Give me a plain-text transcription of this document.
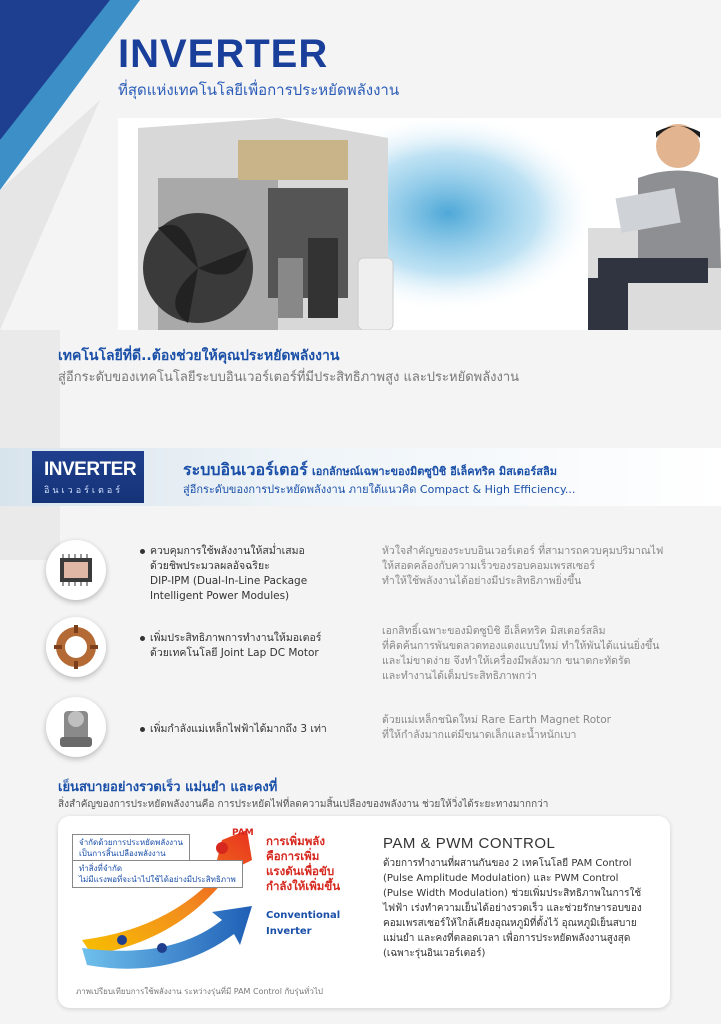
INVERTER
ที่สุดแห่งเทคโนโลยีเพื่อการประหยัดพลังงาน
เทคโนโลยีที่ดี..ต้องช่วยให้คุณประหยัดพลังงาน
สู่อีกระดับของเทคโนโลยีระบบอินเวอร์เตอร์ที่มีประสิทธิภาพสูง และประหยัดพลังงาน
INVERTER
อินเวอร์เตอร์
ระบบอินเวอร์เตอร์ เอกลักษณ์เฉพาะของมิตซูบิชิ อีเล็คทริค มิสเตอร์สลิม
สู่อีกระดับของการประหยัดพลังงาน ภายใต้แนวคิด Compact & High Efficiency...
ควบคุมการใช้พลังงานให้สม่ำเสมอ
ด้วยชิพประมวลผลอัจฉริยะ
DIP-IPM (Dual-In-Line Package
Intelligent Power Modules)
หัวใจสำคัญของระบบอินเวอร์เตอร์ ที่สามารถควบคุมปริมาณไฟ
ให้สอดคล้องกับความเร็วของรอบคอมเพรสเซอร์
ทำให้ใช้พลังงานได้อย่างมีประสิทธิภาพยิ่งขึ้น
เพิ่มประสิทธิภาพการทำงานให้มอเตอร์
ด้วยเทคโนโลยี Joint Lap DC Motor
เอกสิทธิ์เฉพาะของมิตซูบิชิ อีเล็คทริค มิสเตอร์สลิม
ที่คิดค้นการพันขดลวดทองแดงแบบใหม่ ทำให้พันได้แน่นยิ่งขึ้น
และไม่ขาดง่าย จึงทำให้เครื่องมีพลังมาก ขนาดกะทัดรัด
และทำงานได้เต็มประสิทธิภาพกว่า
เพิ่มกำลังแม่เหล็กไฟฟ้าได้มากถึง 3 เท่า
ด้วยแม่เหล็กชนิดใหม่ Rare Earth Magnet Rotor
ที่ให้กำลังมากแต่มีขนาดเล็กและน้ำหนักเบา
เย็นสบายอย่างรวดเร็ว แม่นยำ และคงที่
สิ่งสำคัญของการประหยัดพลังงานคือ การประหยัดไฟที่ลดความสิ้นเปลืองของพลังงาน ช่วยให้วิ่งได้ระยะทางมากกว่า
จำกัดด้วยการประหยัดพลังงาน
เป็นการสิ้นเปลืองพลังงาน
ทำสิ่งที่จำกัด
ไม่มีแรงพอที่จะนำไปใช้ได้อย่างมีประสิทธิภาพ
PAM
การเพิ่มพลัง
คือการเพิ่ม
แรงดันเพื่อขับ
กำลังให้เพิ่มขึ้น
Conventional
Inverter
ภาพเปรียบเทียบการใช้พลังงาน ระหว่างรุ่นที่มี PAM Control กับรุ่นทั่วไป
PAM & PWM CONTROL
ด้วยการทำงานที่ผสานกันของ 2 เทคโนโลยี PAM Control (Pulse Amplitude Modulation) และ PWM Control (Pulse Width Modulation) ช่วยเพิ่มประสิทธิภาพในการใช้ไฟฟ้า เร่งทำความเย็นได้อย่างรวดเร็ว และช่วยรักษารอบของคอมเพรสเซอร์ให้ใกล้เคียงอุณหภูมิที่ตั้งไว้ อุณหภูมิเย็นสบาย แม่นยำ และคงที่ตลอดเวลา เพื่อการประหยัดพลังงานสูงสุด (เฉพาะรุ่นอินเวอร์เตอร์)
